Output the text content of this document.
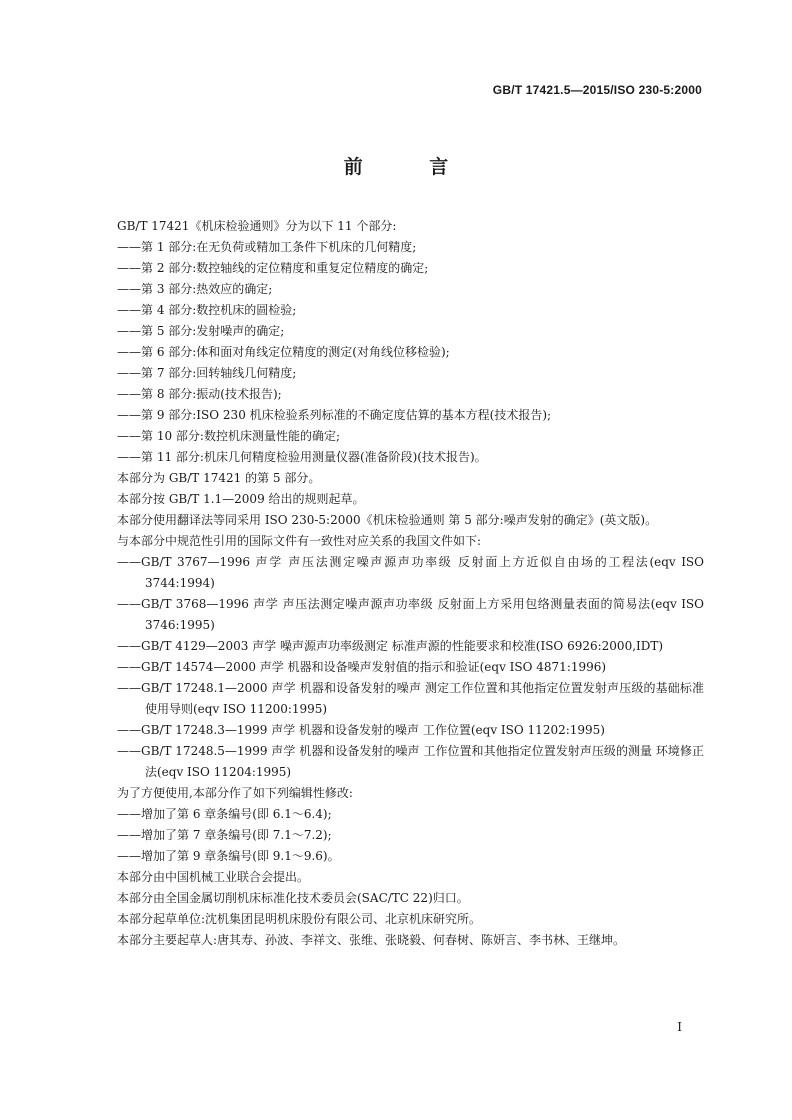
GB/T 17421.5—2015/ISO 230-5:2000
前 言
GB/T 17421《机床检验通则》分为以下 11 个部分:
——第 1 部分:在无负荷或精加工条件下机床的几何精度;
——第 2 部分:数控轴线的定位精度和重复定位精度的确定;
——第 3 部分:热效应的确定;
——第 4 部分:数控机床的圆检验;
——第 5 部分:发射噪声的确定;
——第 6 部分:体和面对角线定位精度的测定(对角线位移检验);
——第 7 部分:回转轴线几何精度;
——第 8 部分:振动(技术报告);
——第 9 部分:ISO 230 机床检验系列标准的不确定度估算的基本方程(技术报告);
——第 10 部分:数控机床测量性能的确定;
——第 11 部分:机床几何精度检验用测量仪器(准备阶段)(技术报告)。
本部分为 GB/T 17421 的第 5 部分。
本部分按 GB/T 1.1—2009 给出的规则起草。
本部分使用翻译法等同采用 ISO 230-5:2000《机床检验通则 第 5 部分:噪声发射的确定》(英文版)。
与本部分中规范性引用的国际文件有一致性对应关系的我国文件如下:
——GB/T 3767—1996 声学 声压法测定噪声源声功率级 反射面上方近似自由场的工程法(eqv ISO 3744:1994)
——GB/T 3768—1996 声学 声压法测定噪声源声功率级 反射面上方采用包络测量表面的简易法(eqv ISO 3746:1995)
——GB/T 4129—2003 声学 噪声源声功率级测定 标准声源的性能要求和校准(ISO 6926:2000,IDT)
——GB/T 14574—2000 声学 机器和设备噪声发射值的指示和验证(eqv ISO 4871:1996)
——GB/T 17248.1—2000 声学 机器和设备发射的噪声 测定工作位置和其他指定位置发射声压级的基础标准使用导则(eqv ISO 11200:1995)
——GB/T 17248.3—1999 声学 机器和设备发射的噪声 工作位置(eqv ISO 11202:1995)
——GB/T 17248.5—1999 声学 机器和设备发射的噪声 工作位置和其他指定位置发射声压级的测量 环境修正法(eqv ISO 11204:1995)
为了方便使用,本部分作了如下列编辑性修改:
——增加了第 6 章条编号(即 6.1～6.4);
——增加了第 7 章条编号(即 7.1～7.2);
——增加了第 9 章条编号(即 9.1～9.6)。
本部分由中国机械工业联合会提出。
本部分由全国金属切削机床标准化技术委员会(SAC/TC 22)归口。
本部分起草单位:沈机集团昆明机床股份有限公司、北京机床研究所。
本部分主要起草人:唐其寿、孙波、李祥文、张维、张晓毅、何春树、陈妍言、李书林、王继坤。
I
